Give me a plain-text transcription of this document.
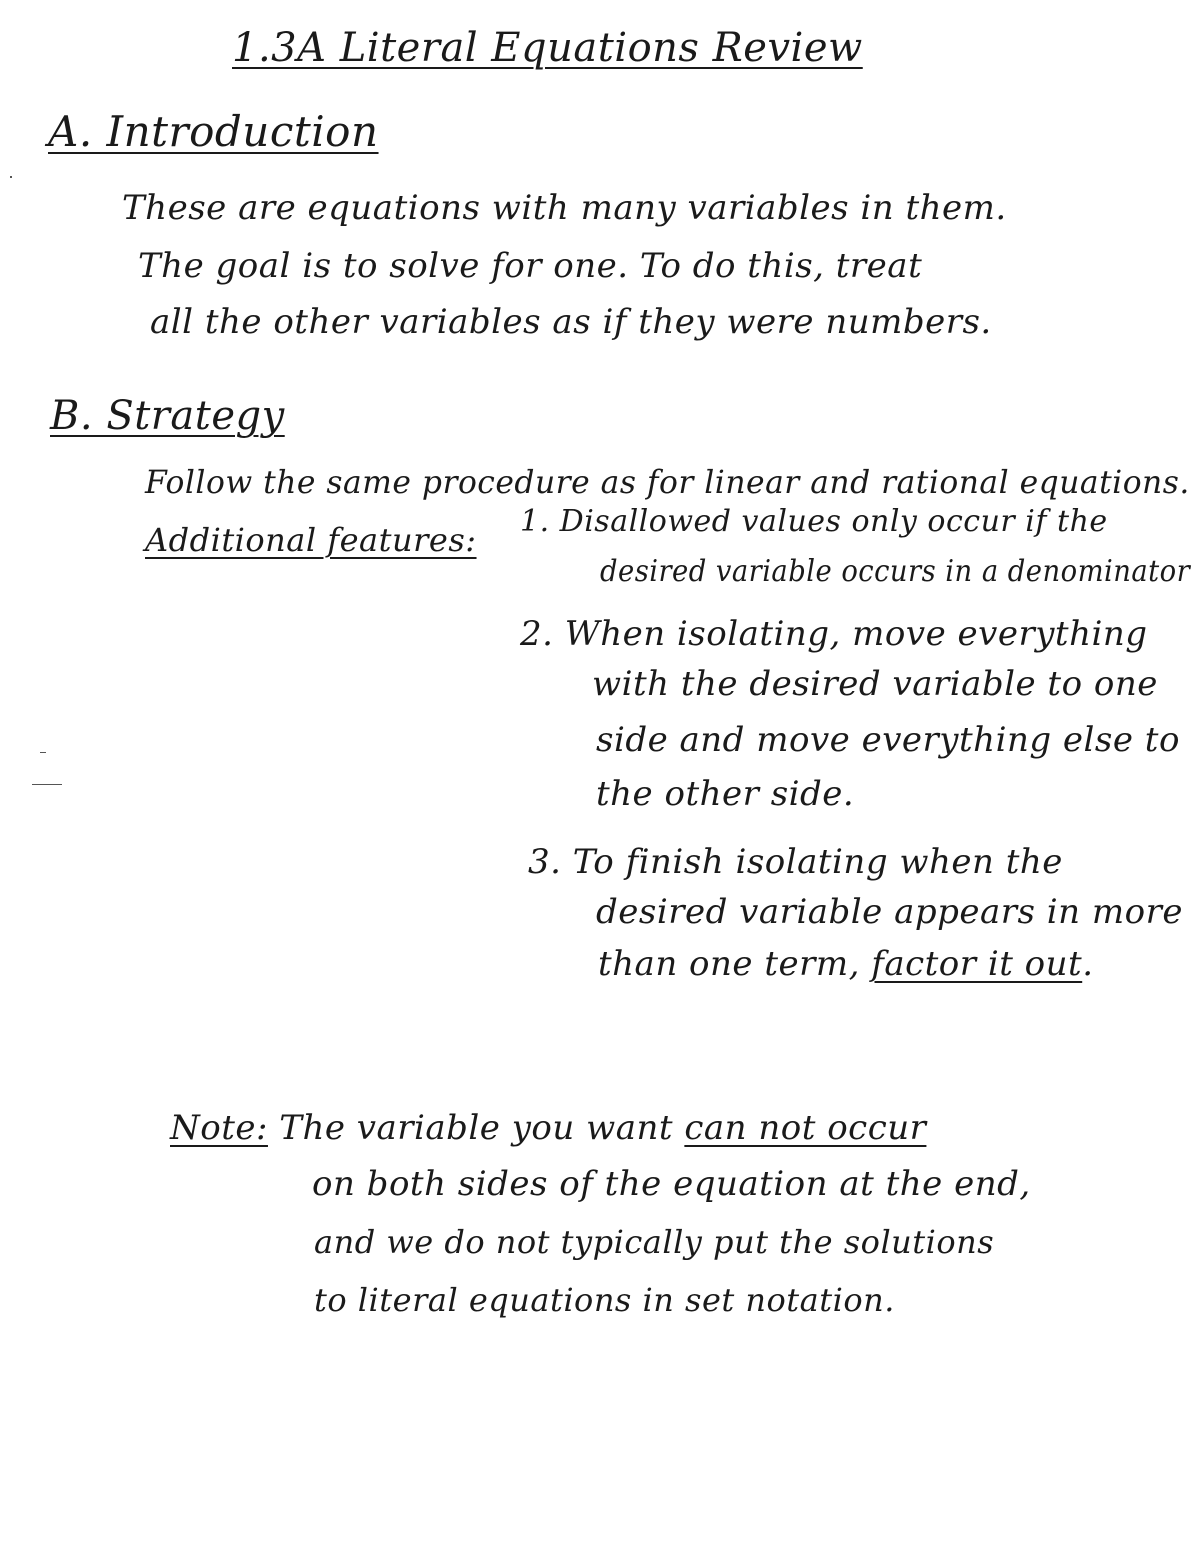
1.3A Literal Equations Review
A. Introduction
These are equations with many variables in them.
The goal is to solve for one. To do this, treat
all the other variables as if they were numbers.
B. Strategy
Follow the same procedure as for linear and rational equations.
Additional features: 1. Disallowed values only occur if the
desired variable occurs in a denominator
2. When isolating, move everything
with the desired variable to one
side and move everything else to
the other side.
3. To finish isolating when the
desired variable appears in more
than one term, factor it out.
Note: The variable you want can not occur
on both sides of the equation at the end,
and we do not typically put the solutions
to literal equations in set notation.
